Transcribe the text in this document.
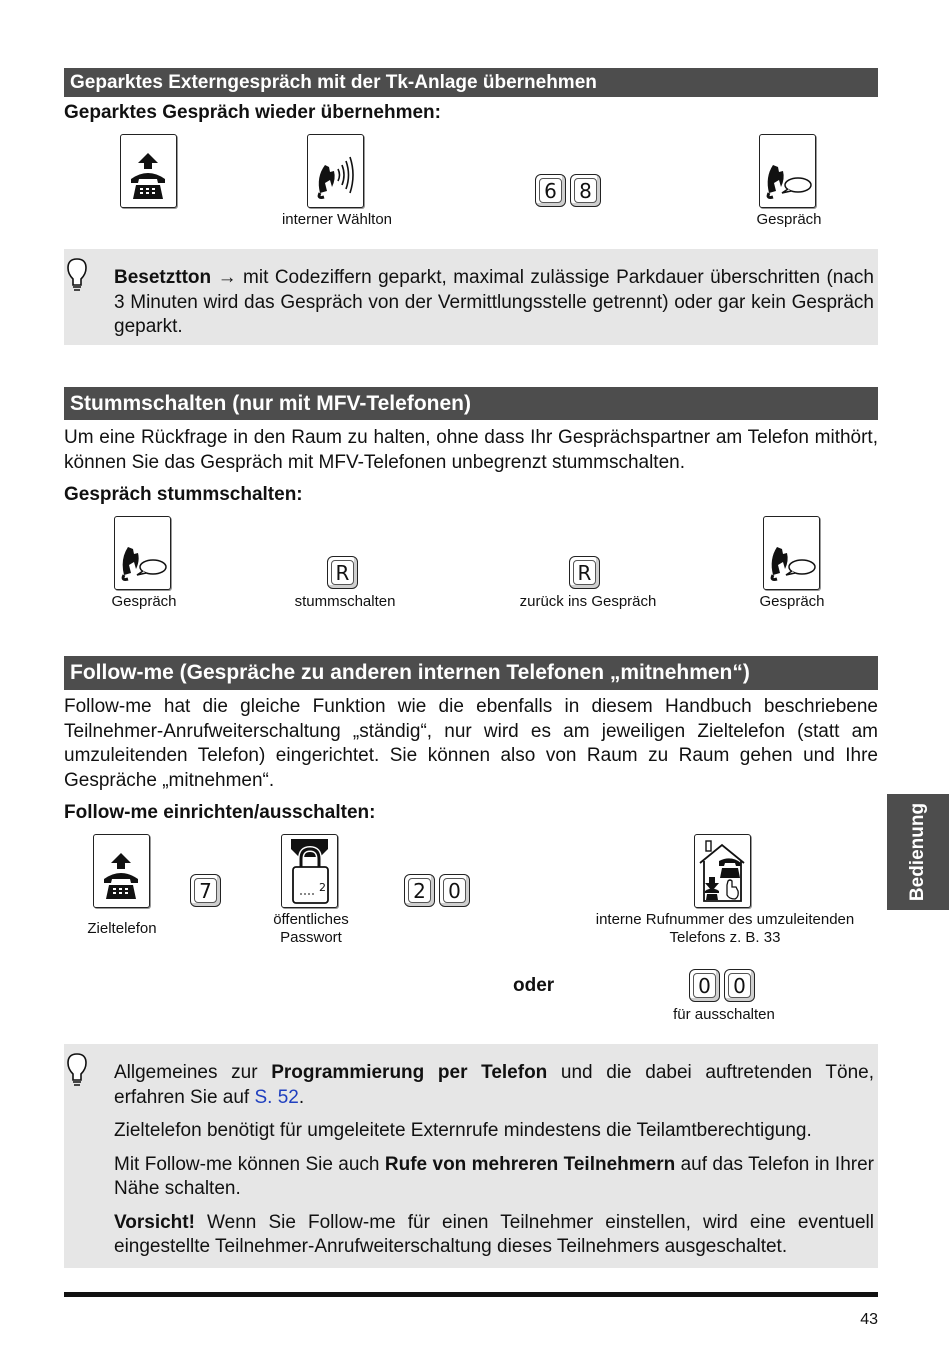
Geparktes Externgespräch mit der Tk-Anlage übernehmen
Geparktes Gespräch wieder übernehmen:
interner Wählton
6 8
Gespräch
Besetztton → mit Codeziffern geparkt, maximal zulässige Parkdauer überschritten (nach 3 Minuten wird das Gespräch von der Vermittlungsstelle getrennt) oder gar kein Gespräch geparkt.
Stummschalten (nur mit MFV-Telefonen)

Um eine Rückfrage in den Raum zu halten, ohne dass Ihr Gesprächspartner am Telefon mithört, können Sie das Gespräch mit MFV-Telefonen unbegrenzt stummschalten.

Gespräch stummschalten:
Gespräch
R
stummschalten
R
zurück ins Gespräch	Gespräch
Follow-me (Gespräche zu anderen internen Telefonen „mitnehmen“)

Follow-me hat die gleiche Funktion wie die ebenfalls in diesem Handbuch beschriebene Teilnehmer-Anrufweiterschaltung „ständig“, nur wird es am jeweiligen Zieltelefon (statt am umzuleitenden Telefon) eingerichtet. Sie können also von Raum zu Raum gehen und Ihre Gespräche „mitnehmen“.

Follow-me einrichten/ausschalten:
Zieltelefon
7	2
öffentliches
Passwort
2 0
interne Rufnummer des umzuleitenden
Telefons z. B. 33
oder	0 0
für ausschalten

Allgemeines zur Programmierung per Telefon und die dabei auftretenden Töne, erfahren Sie auf S. 52.

Zieltelefon benötigt für umgeleitete Externrufe mindestens die Teilamtberechtigung.

Mit Follow-me können Sie auch Rufe von mehreren Teilnehmern auf das Telefon in Ihrer Nähe schalten.

Vorsicht! Wenn Sie Follow-me für einen Teilnehmer einstellen, wird eine eventuell eingestellte Teilnehmer-Anrufweiterschaltung dieses Teilnehmers ausgeschaltet.

Bedienung
43
